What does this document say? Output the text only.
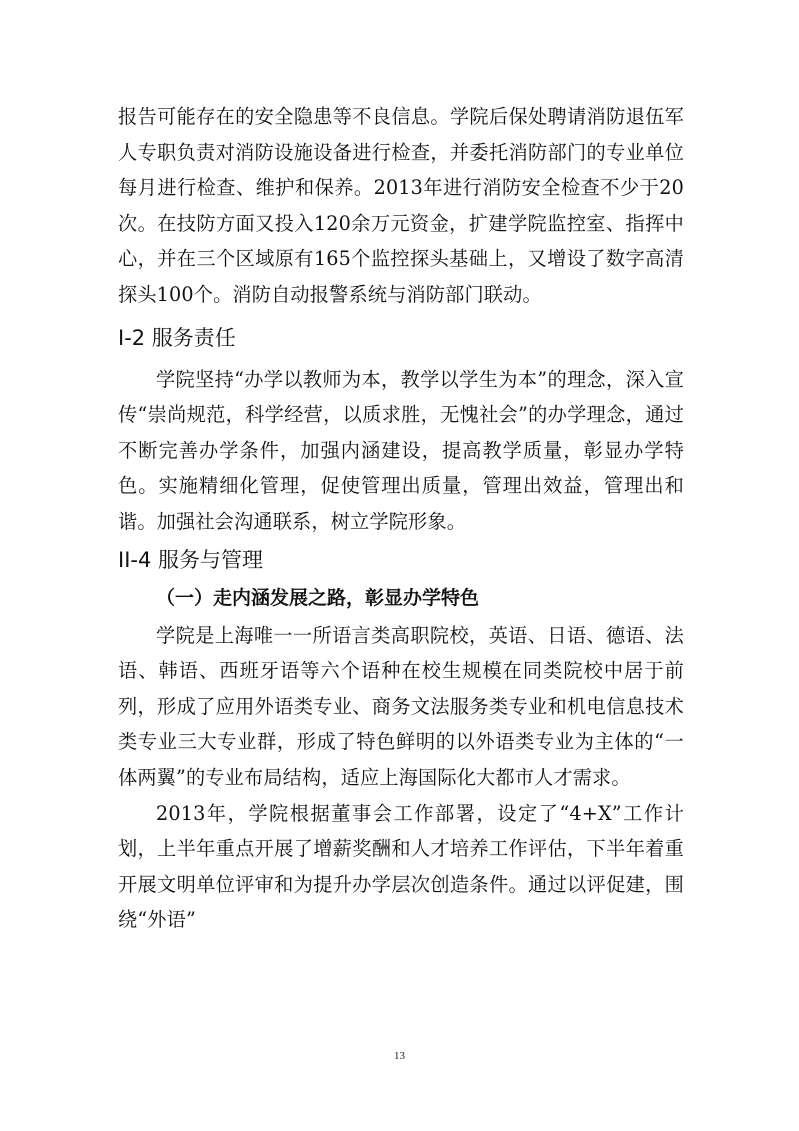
报告可能存在的安全隐患等不良信息。学院后保处聘请消防退伍军人专职负责对消防设施设备进行检查，并委托消防部门的专业单位每月进行检查、维护和保养。2013年进行消防安全检查不少于20次。在技防方面又投入120余万元资金，扩建学院监控室、指挥中心，并在三个区域原有165个监控探头基础上，又增设了数字高清探头100个。消防自动报警系统与消防部门联动。

I-2 服务责任

学院坚持“办学以教师为本，教学以学生为本”的理念，深入宣传“崇尚规范，科学经营，以质求胜，无愧社会”的办学理念，通过不断完善办学条件，加强内涵建设，提高教学质量，彰显办学特色。实施精细化管理，促使管理出质量，管理出效益，管理出和谐。加强社会沟通联系，树立学院形象。

II-4 服务与管理
（一）走内涵发展之路，彰显办学特色

学院是上海唯一一所语言类高职院校，英语、日语、德语、法语、韩语、西班牙语等六个语种在校生规模在同类院校中居于前列，形成了应用外语类专业、商务文法服务类专业和机电信息技术类专业三大专业群，形成了特色鲜明的以外语类专业为主体的“一体两翼”的专业布局结构，适应上海国际化大都市人才需求。

2013年，学院根据董事会工作部署，设定了“4+X”工作计划，上半年重点开展了增薪奖酬和人才培养工作评估，下半年着重开展文明单位评审和为提升办学层次创造条件。通过以评促建，围绕“外语”

13
